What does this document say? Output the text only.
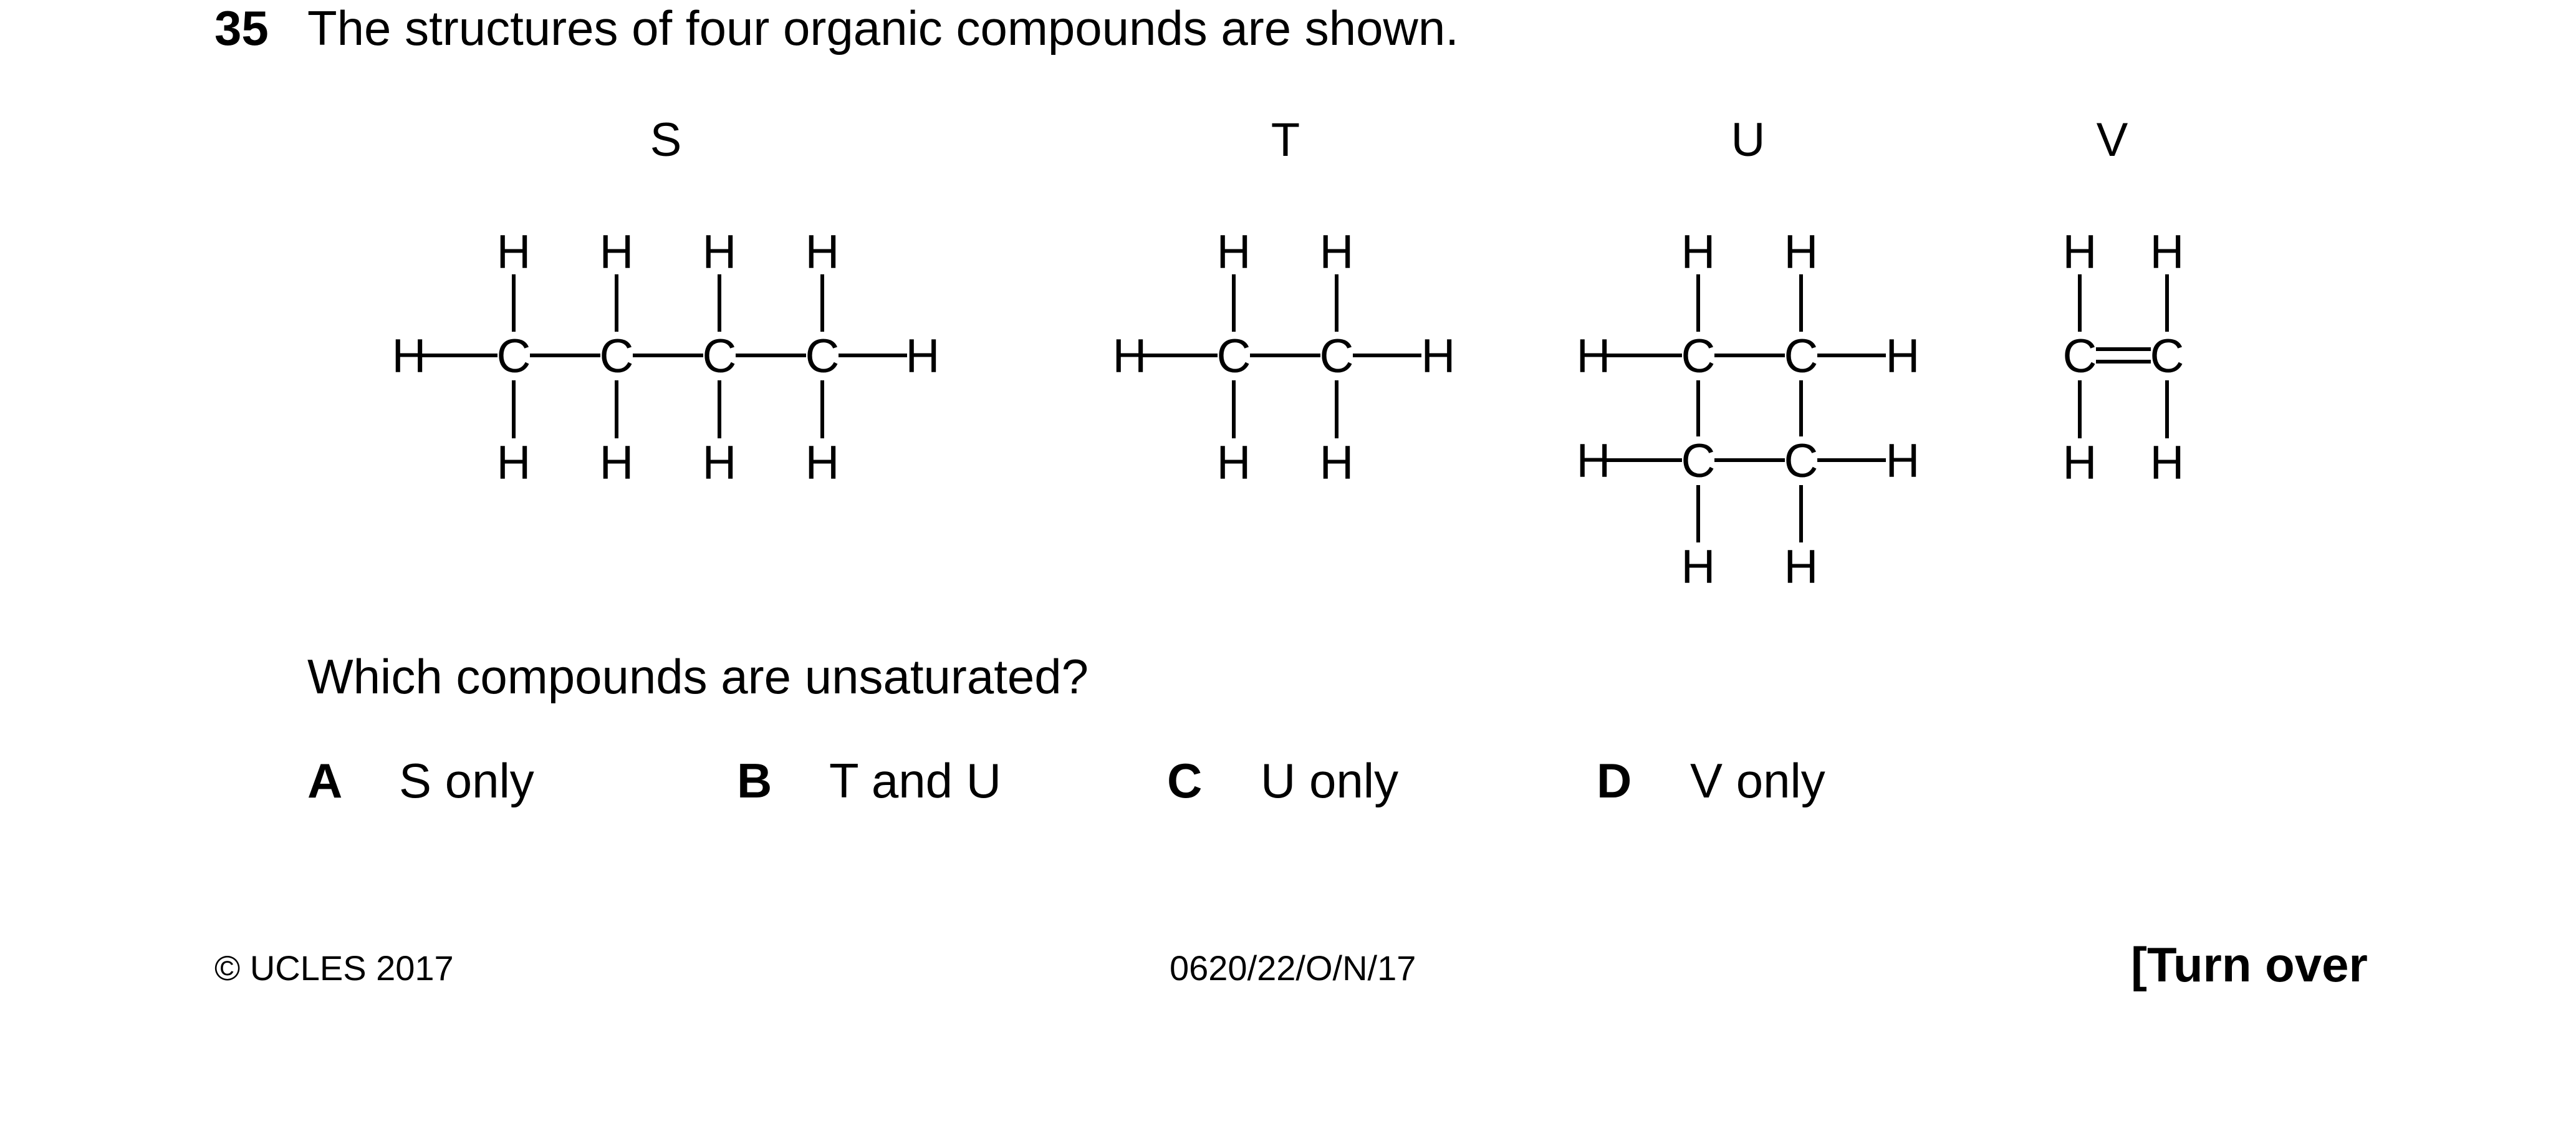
35 The structures of four organic compounds are shown.
S	T	U	V
H C C C C H
H H H H
H H H H
H C C H
H H
H H
H C C H
H C C H
H H
H H
C C
H H
H H
Which compounds are unsaturated?
A S only	B T and U	C U only	D V only
© UCLES 2017	0620/22/O/N/17	[Turn over
